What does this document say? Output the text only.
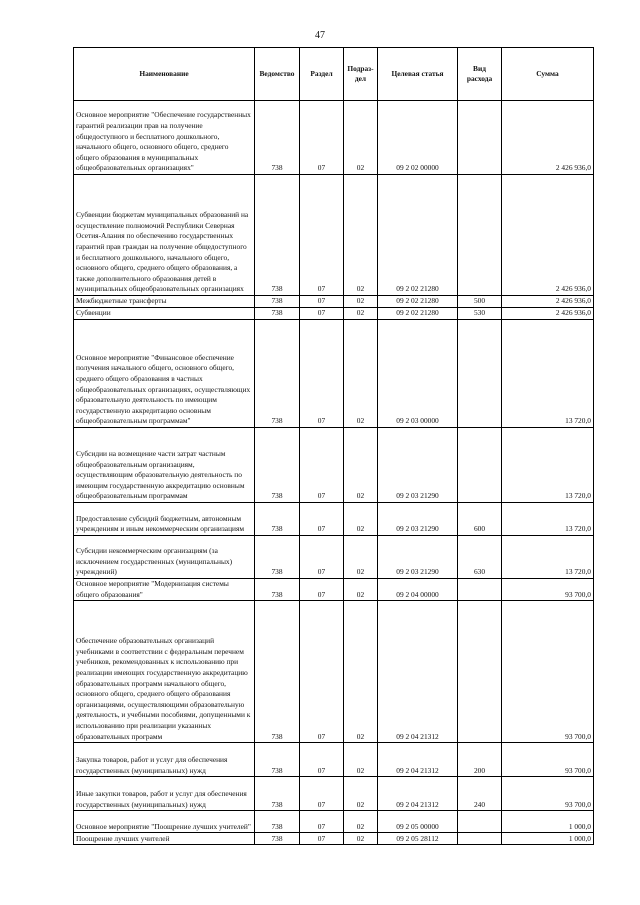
47
Наименование	Ведомство	Раздел	Подраз-дел	Целевая статья	Вид расхода	Сумма
Основное мероприятие "Обеспечение государственных гарантий реализации прав на получение общедоступного и бесплатного дошкольного, начального общего, основного общего, среднего общего образования в муниципальных общеобразовательных организациях"	738	07	02	09 2 02 00000		2 426 936,0
Субвенции бюджетам муниципальных образований на осуществление полномочий Республики Северная Осетия-Алания по обеспечению государственных гарантий прав граждан на получение общедоступного и бесплатного дошкольного, начального общего, основного общего, среднего общего образования, а также дополнительного образования детей в муниципальных общеобразовательных организациях	738	07	02	09 2 02 21280		2 426 936,0
Межбюджетные трансферты	738	07	02	09 2 02 21280	500	2 426 936,0
Субвенции	738	07	02	09 2 02 21280	530	2 426 936,0
Основное мероприятие "Финансовое обеспечение получения начального общего, основного общего, среднего общего образования в частных общеобразовательных организациях, осуществляющих образовательную деятельность по имеющим государственную аккредитацию основным общеобразовательным программам"	738	07	02	09 2 03 00000		13 720,0
Субсидии на возмещение части затрат частным общеобразовательным организациям, осуществляющим образовательную деятельность по имеющим государственную аккредитацию основным общеобразовательным программам	738	07	02	09 2 03 21290		13 720,0
Предоставление субсидий бюджетным, автономным учреждениям и иным некоммерческим организациям	738	07	02	09 2 03 21290	600	13 720,0
Субсидии некоммерческим организациям (за исключением государственных (муниципальных) учреждений)	738	07	02	09 2 03 21290	630	13 720,0
Основное мероприятие "Модернизация системы общего образования"	738	07	02	09 2 04 00000		93 700,0
Обеспечение образовательных организаций учебниками в соответствии с федеральным перечнем учебников, рекомендованных к использованию при реализации имеющих государственную аккредитацию образовательных программ начального общего, основного общего, среднего общего образования организациями, осуществляющими образовательную деятельность, и учебными пособиями, допущенными к использованию при реализации указанных образовательных программ	738	07	02	09 2 04 21312		93 700,0
Закупка товаров, работ и услуг для обеспечения государственных (муниципальных) нужд	738	07	02	09 2 04 21312	200	93 700,0
Иные закупки товаров, работ и услуг для обеспечения государственных (муниципальных) нужд	738	07	02	09 2 04 21312	240	93 700,0
Основное мероприятие "Поощрение лучших учителей"	738	07	02	09 2 05 00000		1 000,0
Поощрение лучших учителей	738	07	02	09 2 05 28112		1 000,0
